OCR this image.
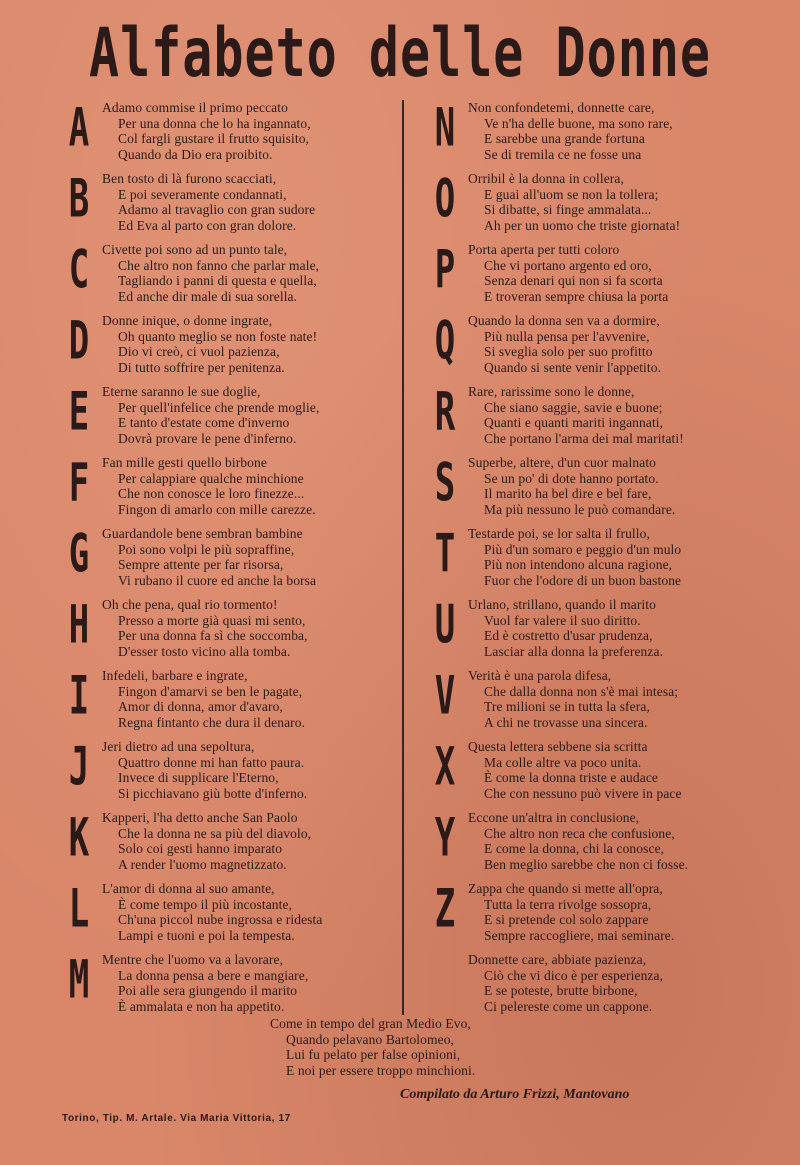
Alfabeto delle Donne
A Adamo commise il primo peccato
Per una donna che lo ha ingannato,
Col fargli gustare il frutto squisito,
Quando da Dio era proibito.
B Ben tosto di là furono scacciati,
E poi severamente condannati,
Adamo al travaglio con gran sudore
Ed Eva al parto con gran dolore.
C Civette poi sono ad un punto tale,
Che altro non fanno che parlar male,
Tagliando i panni di questa e quella,
Ed anche dir male di sua sorella.
D Donne inique, o donne ingrate,
Oh quanto meglio se non foste nate!
Dio vi creò, ci vuol pazienza,
Di tutto soffrire per penitenza.
E Eterne saranno le sue doglie,
Per quell'infelice che prende moglie,
E tanto d'estate come d'inverno
Dovrà provare le pene d'inferno.
F Fan mille gesti quello birbone
Per calappiare qualche minchione
Che non conosce le loro finezze...
Fingon di amarlo con mille carezze.
G Guardandole bene sembran bambine
Poi sono volpi le più sopraffine,
Sempre attente per far risorsa,
Vi rubano il cuore ed anche la borsa
H Oh che pena, qual rio tormento!
Presso a morte già quasi mi sento,
Per una donna fa sì che soccomba,
D'esser tosto vicino alla tomba.
I Infedeli, barbare e ingrate,
Fingon d'amarvi se ben le pagate,
Amor di donna, amor d'avaro,
Regna fintanto che dura il denaro.
J Jeri dietro ad una sepoltura,
Quattro donne mi han fatto paura.
Invece di supplicare l'Eterno,
Si picchiavano giù botte d'inferno.
K Kapperi, l'ha detto anche San Paolo
Che la donna ne sa più del diavolo,
Solo coi gesti hanno imparato
A render l'uomo magnetizzato.
L L'amor di donna al suo amante,
È come tempo il più incostante,
Ch'una piccol nube ingrossa e ridesta
Lampi e tuoni e poi la tempesta.
M Mentre che l'uomo va a lavorare,
La donna pensa a bere e mangiare,
Poi alle sera giungendo il marito
È ammalata e non ha appetito.
N Non confondetemi, donnette care,
Ve n'ha delle buone, ma sono rare,
E sarebbe una grande fortuna
Se di tremila ce ne fosse una
O Orribil è la donna in collera,
E guai all'uom se non la tollera;
Si dibatte, si finge ammalata...
Ah per un uomo che triste giornata!
P Porta aperta per tutti coloro
Che vi portano argento ed oro,
Senza denari qui non si fa scorta
E troveran sempre chiusa la porta
Q Quando la donna sen va a dormire,
Più nulla pensa per l'avvenire,
Si sveglia solo per suo profitto
Quando si sente venir l'appetito.
R Rare, rarissime sono le donne,
Che siano saggie, savie e buone;
Quanti e quanti mariti ingannati,
Che portano l'arma dei mal maritati!
S Superbe, altere, d'un cuor malnato
Se un po' di dote hanno portato.
Il marito ha bel dire e bel fare,
Ma più nessuno le può comandare.
T Testarde poi, se lor salta il frullo,
Più d'un somaro e peggio d'un mulo
Più non intendono alcuna ragione,
Fuor che l'odore di un buon bastone
U Urlano, strillano, quando il marito
Vuol far valere il suo diritto.
Ed è costretto d'usar prudenza,
Lasciar alla donna la preferenza.
V Verità è una parola difesa,
Che dalla donna non s'è mai intesa;
Tre milioni se in tutta la sfera,
A chi ne trovasse una sincera.
X Questa lettera sebbene sia scritta
Ma colle altre va poco unita.
È come la donna triste e audace
Che con nessuno può vivere in pace
Y Eccone un'altra in conclusione,
Che altro non reca che confusione,
E come la donna, chi la conosce,
Ben meglio sarebbe che non ci fosse.
Z Zappa che quando si mette all'opra,
Tutta la terra rivolge sossopra,
E si pretende col solo zappare
Sempre raccogliere, mai seminare.
Donnette care, abbiate pazienza,
Ciò che vi dico è per esperienza,
E se poteste, brutte birbone,
Ci pelereste come un cappone.
Come in tempo del gran Medio Evo,
Quando pelavano Bartolomeo,
Lui fu pelato per false opinioni,
E noi per essere troppo minchioni.
Compilato da Arturo Frizzi, Mantovano
Torino, Tip. M. Artale. Via Maria Vittoria, 17
